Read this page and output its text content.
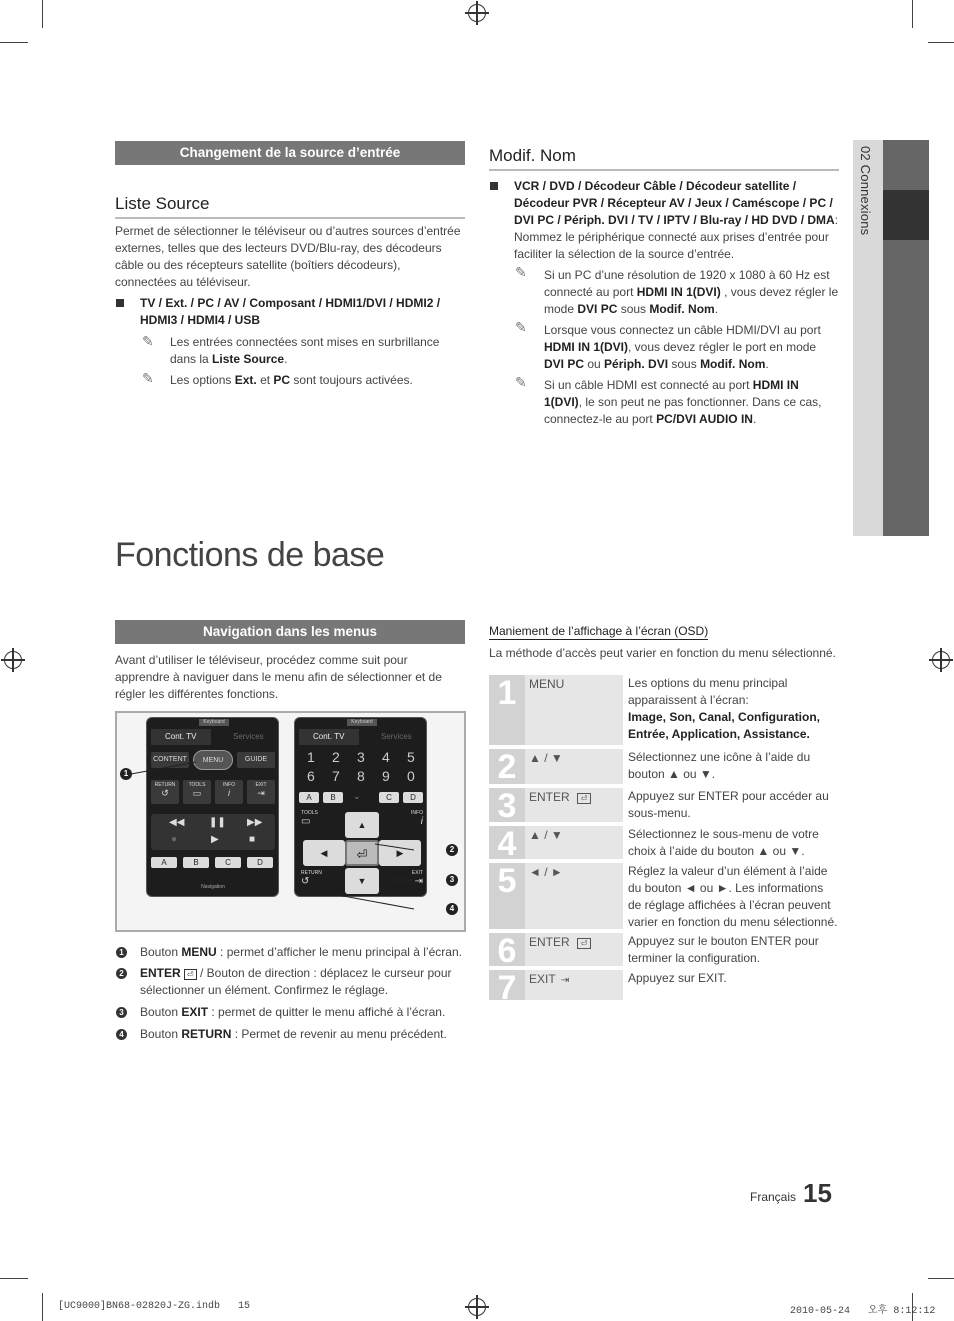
02 Connexions
Changement de la source d’entrée
Liste Source
Permet de sélectionner le téléviseur ou d’autres sources d’entrée externes, telles que des lecteurs DVD/Blu-ray, des décodeurs câble ou des récepteurs satellite (boîtiers décodeurs), connectées au téléviseur.
TV / Ext. / PC / AV / Composant / HDMI1/DVI / HDMI2 /
HDMI3 / HDMI4 / USB
✎ Les entrées connectées sont mises en surbrillance dans la Liste Source.
✎ Les options Ext. et PC sont toujours activées.
Modif. Nom
VCR / DVD / Décodeur Câble / Décodeur satellite / Décodeur PVR / Récepteur AV / Jeux / Caméscope / PC / DVI PC / Périph. DVI / TV / IPTV / Blu-ray / HD DVD / DMA: Nommez le périphérique connecté aux prises d’entrée pour faciliter la sélection de la source d’entrée.
✎ Si un PC d’une résolution de 1920 x 1080 à 60 Hz est connecté au port HDMI IN 1(DVI) , vous devez régler le mode DVI PC sous Modif. Nom.
✎ Lorsque vous connectez un câble HDMI/DVI au port HDMI IN 1(DVI), vous devez régler le port en mode DVI PC ou Périph. DVI sous Modif. Nom.
✎ Si un câble HDMI est connecté au port HDMI IN 1(DVI), le son peut ne pas fonctionner. Dans ce cas, connectez-le au port PC/DVI AUDIO IN.
Fonctions de base
Navigation dans les menus
Avant d’utiliser le téléviseur, procédez comme suit pour apprendre à naviguer dans le menu afin de sélectionner et de régler les différentes fonctions.
Keyboard
Cont. TV	Services
CONTENT	MENU	GUIDE
RETURN
↺
TOOLS
▭
INFO
i
EXIT
⇥
◀◀ ❚❚ ▶▶
●	▶	■
A	B	C	D
Navigation
Keyboard
Cont. TV	Services
1 2 3 4 5
6 7 8 9 0
A	B	⌄	C	D
TOOLS
▭
INFO
i
▲
◀	⏎	▶
▼
RETURN
↺
EXIT
⇥
1
2
3
4
1 Bouton MENU : permet d’afficher le menu principal à l’écran.
2 ENTER ⏎ / Bouton de direction : déplacez le curseur pour sélectionner un élément. Confirmez le réglage.
3 Bouton EXIT : permet de quitter le menu affiché à l’écran.
4 Bouton RETURN : Permet de revenir au menu précédent.
Maniement de l’affichage à l’écran (OSD)
La méthode d’accès peut varier en fonction du menu sélectionné.
1	MENU	Les options du menu principal apparaissent à l’écran:
Image, Son, Canal, Configuration, Entrée, Application, Assistance.
2	▲ / ▼	Sélectionnez une icône à l’aide du bouton ▲ ou ▼.
3	ENTER ⏎	Appuyez sur ENTER pour accéder au sous-menu.
4	▲ / ▼	Sélectionnez le sous-menu de votre choix à l’aide du bouton ▲ ou ▼.
5	◄ / ►	Réglez la valeur d’un élément à l’aide du bouton ◄ ou ►. Les informations de réglage affichées à l’écran peuvent varier en fonction du menu sélectionné.
6	ENTER ⏎	Appuyez sur le bouton ENTER pour terminer la configuration.
7	EXIT ⇥	Appuyez sur EXIT.
Français 15
[UC9000]BN68-02820J-ZG.indb   15	2010-05-24   오후 8:12:12
